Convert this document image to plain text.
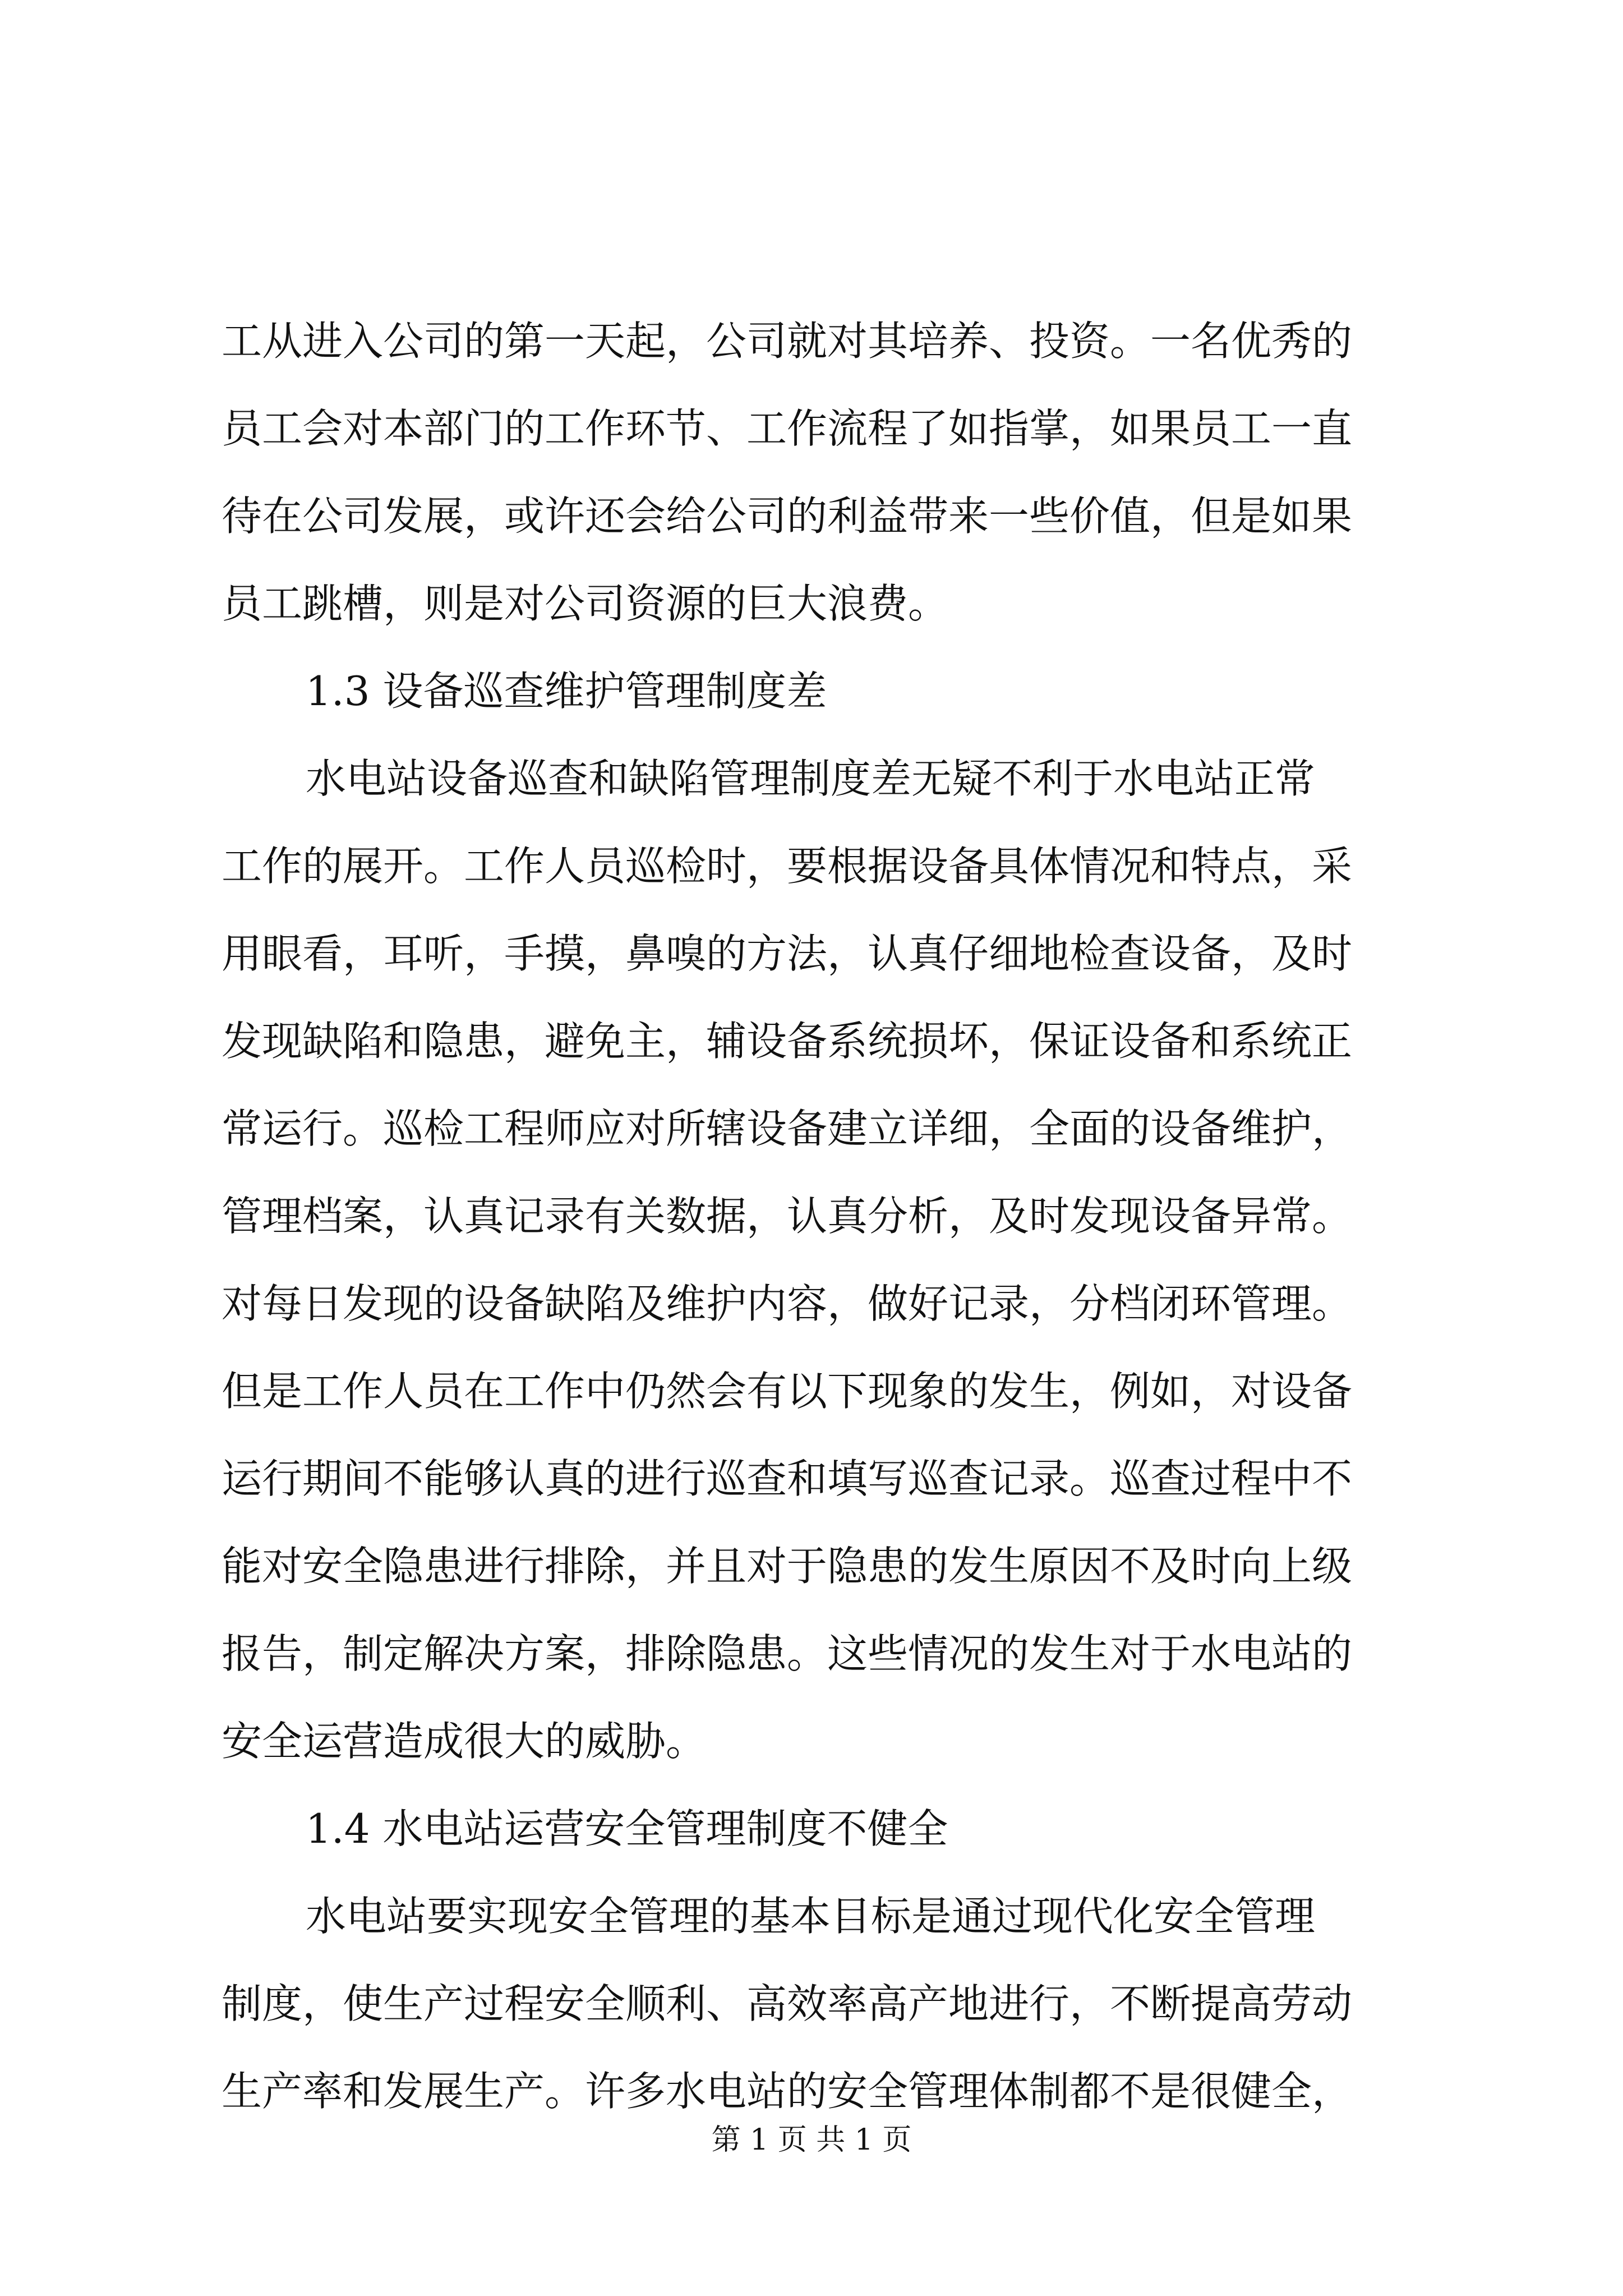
工从进入公司的第一天起，公司就对其培养、投资。一名优秀的
员工会对本部门的工作环节、工作流程了如指掌，如果员工一直
待在公司发展，或许还会给公司的利益带来一些价值，但是如果
员工跳槽，则是对公司资源的巨大浪费。
1.3 设备巡查维护管理制度差
水电站设备巡查和缺陷管理制度差无疑不利于水电站正常
工作的展开。工作人员巡检时，要根据设备具体情况和特点，采
用眼看，耳听，手摸，鼻嗅的方法，认真仔细地检查设备，及时
发现缺陷和隐患，避免主，辅设备系统损坏，保证设备和系统正
常运行。巡检工程师应对所辖设备建立详细，全面的设备维护，
管理档案，认真记录有关数据，认真分析，及时发现设备异常。
对每日发现的设备缺陷及维护内容，做好记录，分档闭环管理。
但是工作人员在工作中仍然会有以下现象的发生，例如，对设备
运行期间不能够认真的进行巡查和填写巡查记录。巡查过程中不
能对安全隐患进行排除，并且对于隐患的发生原因不及时向上级
报告，制定解决方案，排除隐患。这些情况的发生对于水电站的
安全运营造成很大的威胁。
1.4 水电站运营安全管理制度不健全
水电站要实现安全管理的基本目标是通过现代化安全管理
制度，使生产过程安全顺利、高效率高产地进行，不断提高劳动
生产率和发展生产。许多水电站的安全管理体制都不是很健全，
第 1 页 共 1 页
